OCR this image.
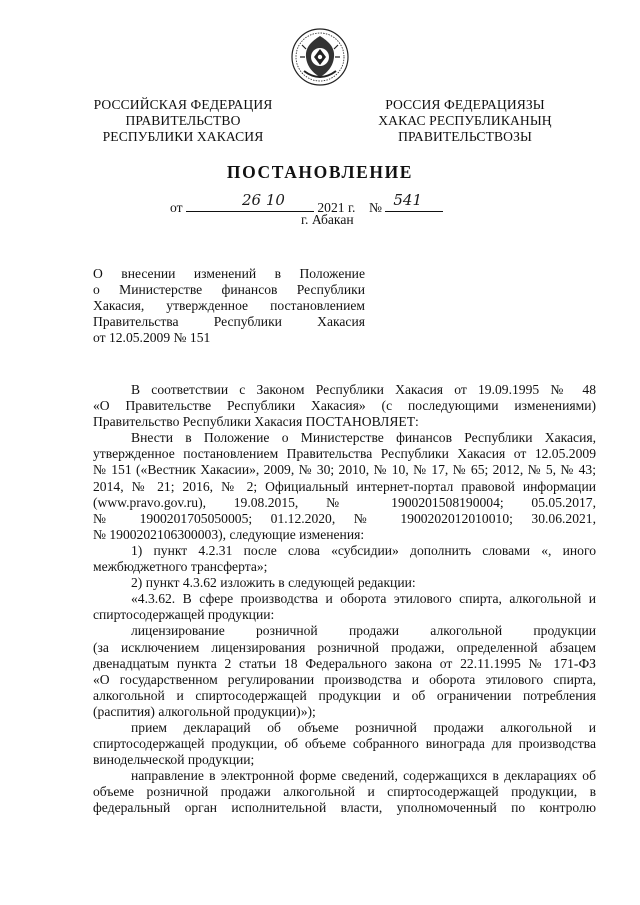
РОССИЙСКАЯ ФЕДЕРАЦИЯ
ПРАВИТЕЛЬСТВО
РЕСПУБЛИКИ ХАКАСИЯ
РОССИЯ ФЕДЕРАЦИЯЗЫ
ХАКАС РЕСПУБЛИКАНЫҢ
ПРАВИТЕЛЬСТВОЗЫ
ПОСТАНОВЛЕНИЕ
от	26 10 2021 г. № 541
г. Абакан
О внесении изменений в Положение
о Министерстве финансов Республики
Хакасия, утвержденное постановлением
Правительства Республики Хакасия
от 12.05.2009 № 151
В соответствии с Законом Республики Хакасия от 19.09.1995 № 48
«О Правительстве Республики Хакасия» (с последующими изменениями)
Правительство Республики Хакасия ПОСТАНОВЛЯЕТ:
Внести в Положение о Министерстве финансов Республики Хакасия,
утвержденное постановлением Правительства Республики Хакасия от 12.05.2009
№ 151 («Вестник Хакасии», 2009, № 30; 2010, № 10, № 17, № 65; 2012, № 5, № 43;
2014, № 21; 2016, № 2; Официальный интернет-портал правовой информации
(www.pravo.gov.ru), 19.08.2015, № 1900201508190004; 05.05.2017,
№ 1900201705050005; 01.12.2020, № 1900202012010010; 30.06.2021,
№ 1900202106300003), следующие изменения:
1) пункт 4.2.31 после слова «субсидии» дополнить словами «, иного
межбюджетного трансферта»;
2) пункт 4.3.62 изложить в следующей редакции:
«4.3.62. В сфере производства и оборота этилового спирта, алкогольной и
спиртосодержащей продукции:
лицензирование розничной продажи алкогольной продукции
(за исключением лицензирования розничной продажи, определенной абзацем
двенадцатым пункта 2 статьи 18 Федерального закона от 22.11.1995 № 171-ФЗ
«О государственном регулировании производства и оборота этилового спирта,
алкогольной и спиртосодержащей продукции и об ограничении потребления
(распития) алкогольной продукции)»);
прием деклараций об объеме розничной продажи алкогольной и
спиртосодержащей продукции, об объеме собранного винограда для производства
винодельческой продукции;
направление в электронной форме сведений, содержащихся в декларациях об
объеме розничной продажи алкогольной и спиртосодержащей продукции, в
федеральный орган исполнительной власти, уполномоченный по контролю
